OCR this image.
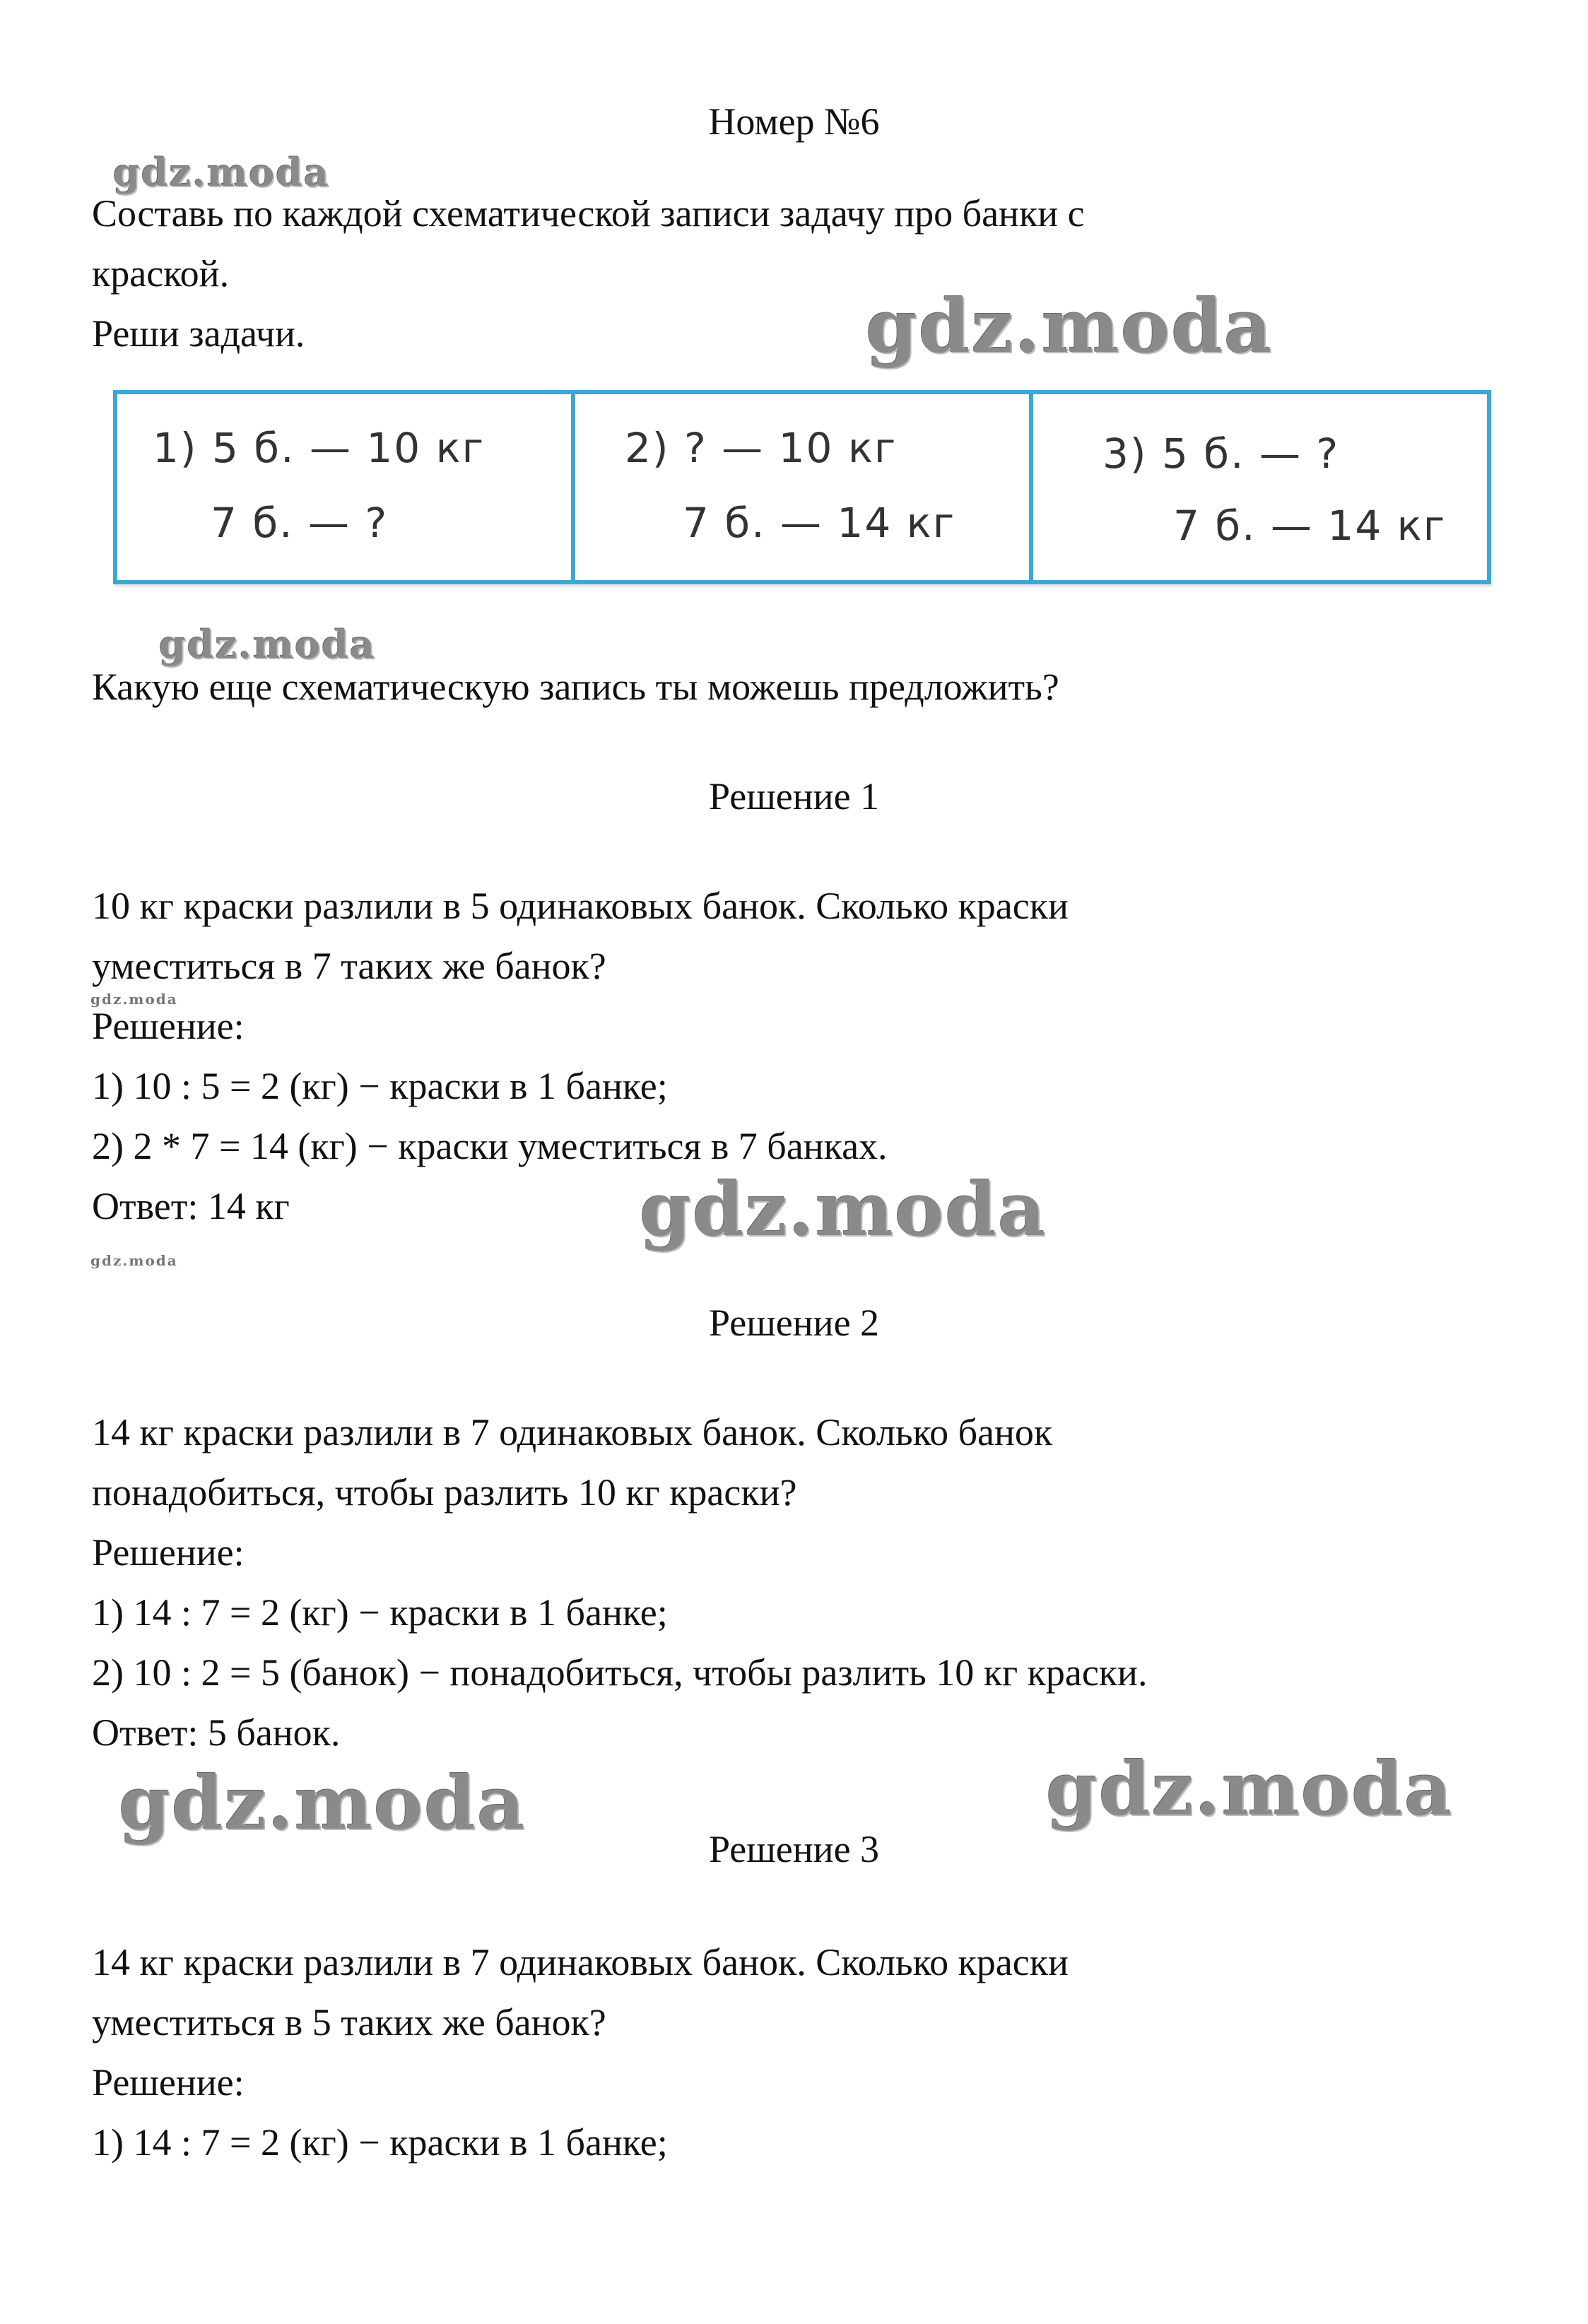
Номер №6
Составь по каждой схематической записи задачу про банки с
краской.
Реши задачи.
1) 5 б. — 10 кг
7 б. — ?
2) ? — 10 кг
7 б. — 14 кг
3) 5 б. — ?
7 б. — 14 кг
Какую еще схематическую запись ты можешь предложить?
Решение 1
10 кг краски разлили в 5 одинаковых банок. Сколько краски
уместиться в 7 таких же банок?
Решение:
1) 10 : 5 = 2 (кг) − краски в 1 банке;
2) 2 * 7 = 14 (кг) − краски уместиться в 7 банках.
Ответ: 14 кг
Решение 2
14 кг краски разлили в 7 одинаковых банок. Сколько банок
понадобиться, чтобы разлить 10 кг краски?
Решение:
1) 14 : 7 = 2 (кг) − краски в 1 банке;
2) 10 : 2 = 5 (банок) − понадобиться, чтобы разлить 10 кг краски.
Ответ: 5 банок.
Решение 3
14 кг краски разлили в 7 одинаковых банок. Сколько краски
уместиться в 5 таких же банок?
Решение:
1) 14 : 7 = 2 (кг) − краски в 1 банке;
gdz.moda
gdz.moda
gdz.moda
gdz.moda
gdz.moda
gdz.moda
gdz.moda	gdz.moda
